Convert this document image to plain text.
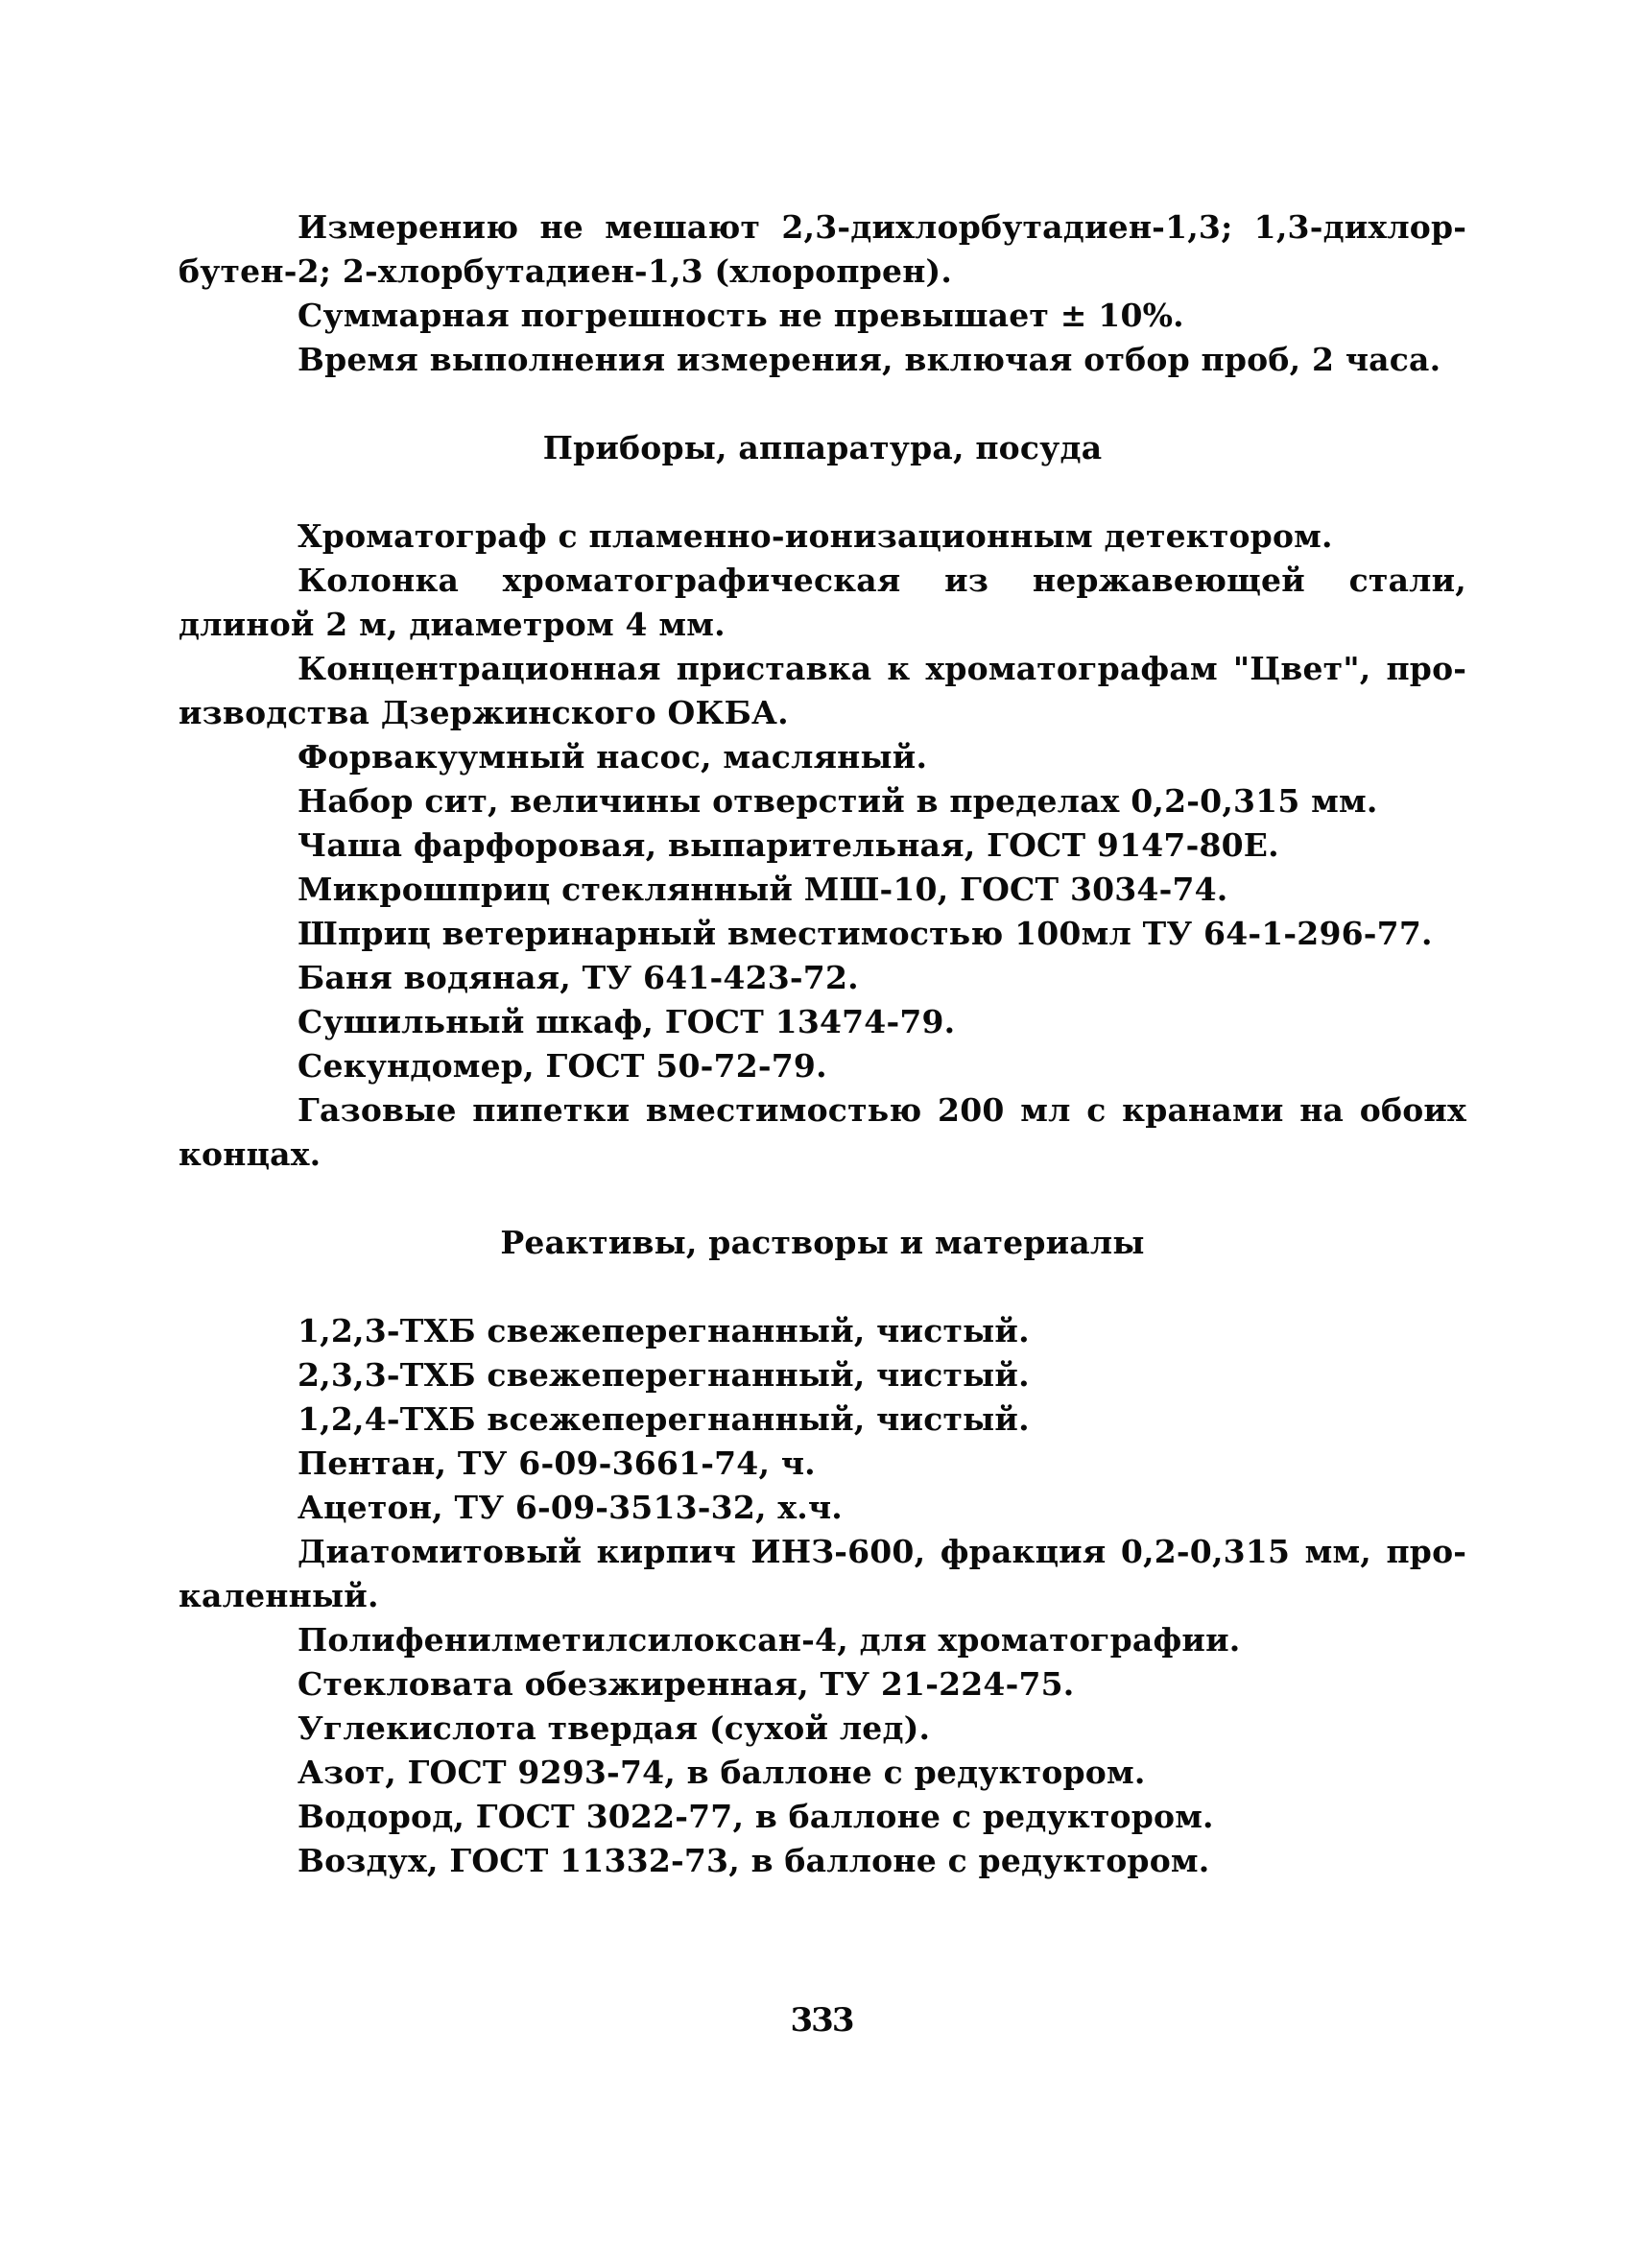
Измерению не мешают 2,3-дихлорбутадиен-1,3; 1,3-дихлорбутен-2; 2-хлорбутадиен-1,3 (хлоропрен).

Суммарная погрешность не превышает ± 10%.

Время выполнения измерения, включая отбор проб, 2 часа.

Приборы, аппаратура, посуда

Хроматограф с пламенно-ионизационным детектором.

Колонка хроматографическая из нержавеющей стали, длиной 2 м, диаметром 4 мм.

Концентрационная приставка к хроматографам "Цвет", производства Дзержинского ОКБА.

Форвакуумный насос, масляный.

Набор сит, величины отверстий в пределах 0,2-0,315 мм.

Чаша фарфоровая, выпарительная, ГОСТ 9147-80Е.

Микрошприц стеклянный МШ-10, ГОСТ 3034-74.

Шприц ветеринарный вместимостью 100мл ТУ 64-1-296-77.

Баня водяная, ТУ 641-423-72.

Сушильный шкаф, ГОСТ 13474-79.

Секундомер, ГОСТ 50-72-79.

Газовые пипетки вместимостью 200 мл с кранами на обоих концах.

Реактивы, растворы и материалы

1,2,3-ТХБ свежеперегнанный, чистый.

2,3,3-ТХБ свежеперегнанный, чистый.

1,2,4-ТХБ всежеперегнанный, чистый.

Пентан, ТУ 6-09-3661-74, ч.

Ацетон, ТУ 6-09-3513-32, х.ч.

Диатомитовый кирпич ИНЗ-600, фракция 0,2-0,315 мм, прокаленный.

Полифенилметилсилоксан-4, для хроматографии.

Стекловата обезжиренная, ТУ 21-224-75.

Углекислота твердая (сухой лед).

Азот, ГОСТ 9293-74, в баллоне с редуктором.

Водород, ГОСТ 3022-77, в баллоне с редуктором.

Воздух, ГОСТ 11332-73, в баллоне с редуктором.

333
